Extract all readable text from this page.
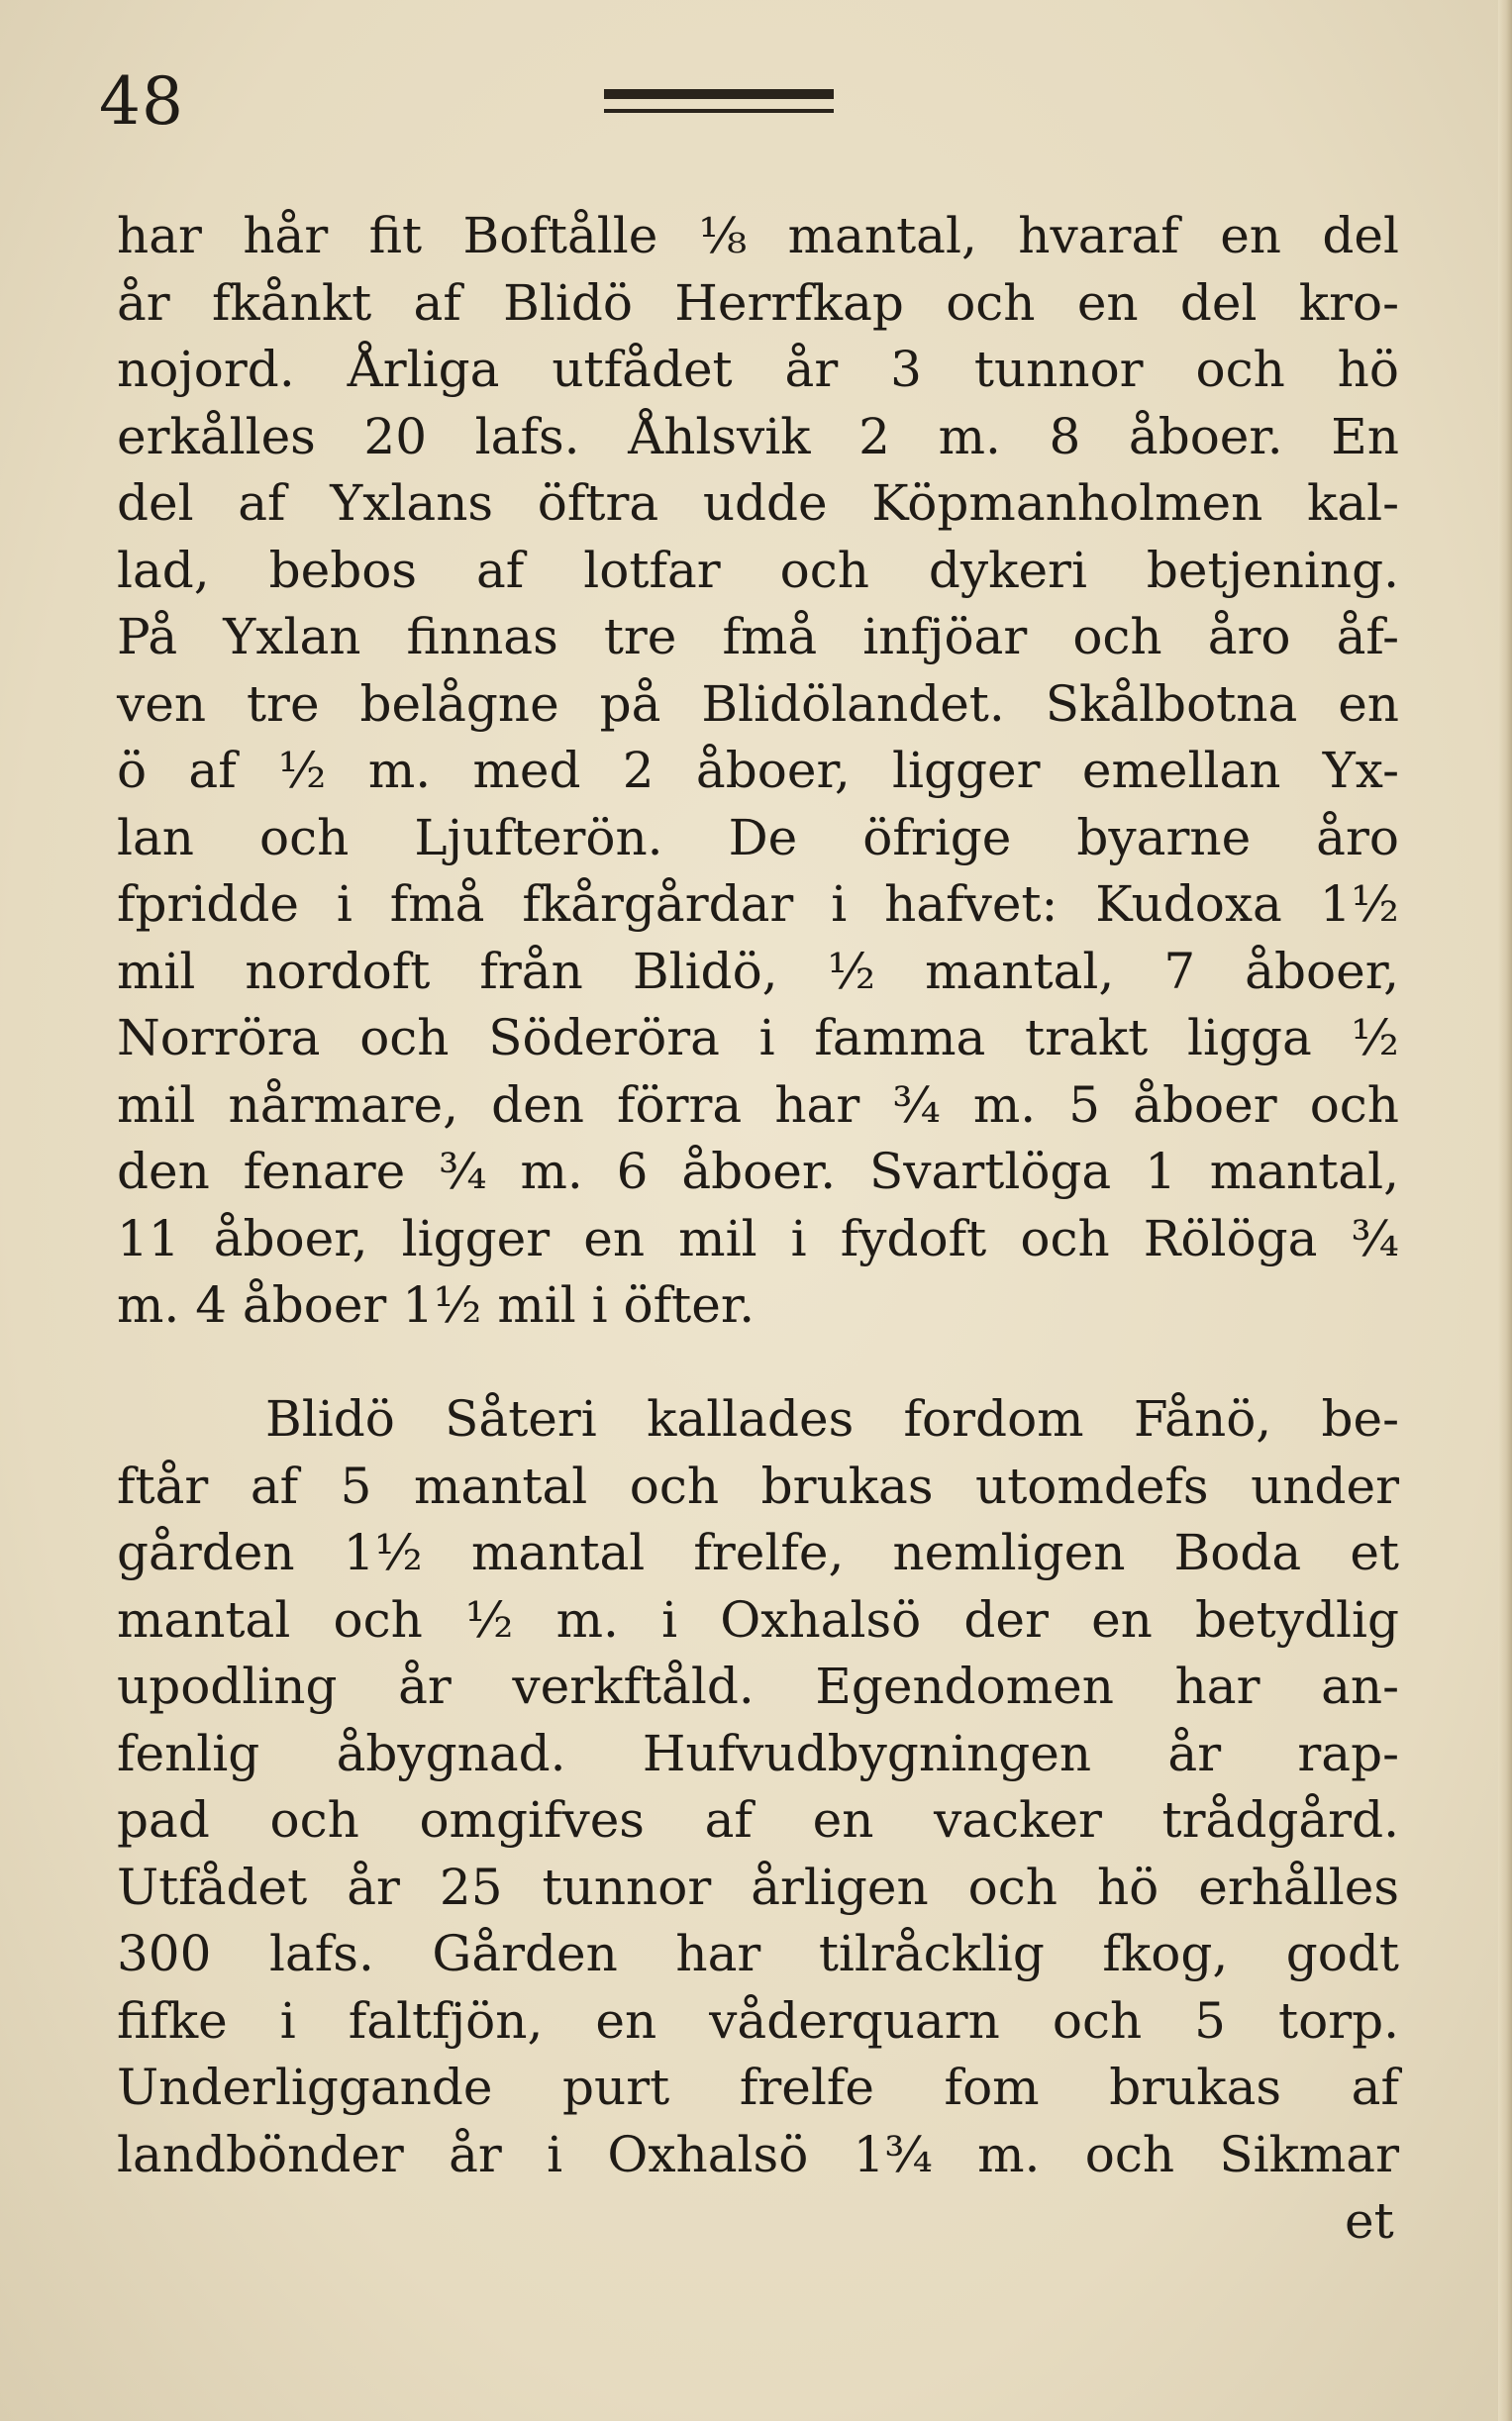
48
har hår fit Boftålle ⅛ mantal, hvaraf en del
år fkånkt af Blidö Herrfkap och en del kro-
nojord. Årliga utfådet år 3 tunnor och hö
erkålles 20 lafs. Åhlsvik 2 m. 8 åboer. En
del af Yxlans öftra udde Köpmanholmen kal-
lad, bebos af lotfar och dykeri betjening.
På Yxlan finnas tre fmå infjöar och åro åf-
ven tre belågne på Blidölandet. Skålbotna en
ö af ½ m. med 2 åboer, ligger emellan Yx-
lan och Ljufterön. De öfrige byarne åro
fpridde i fmå fkårgårdar i hafvet: Kudoxa 1½
mil nordoft från Blidö, ½ mantal, 7 åboer,
Norröra och Söderöra i famma trakt ligga ½
mil nårmare, den förra har ¾ m. 5 åboer och
den fenare ¾ m. 6 åboer. Svartlöga 1 mantal,
11 åboer, ligger en mil i fydoft och Rölöga ¾
m. 4 åboer 1½ mil i öfter.
Blidö Såteri kallades fordom Fånö, be-
ftår af 5 mantal och brukas utomdefs under
gården 1½ mantal frelfe, nemligen Boda et
mantal och ½ m. i Oxhalsö der en betydlig
upodling år verkftåld. Egendomen har an-
fenlig åbygnad. Hufvudbygningen år rap-
pad och omgifves af en vacker trådgård.
Utfådet år 25 tunnor årligen och hö erhålles
300 lafs. Gården har tilråcklig fkog, godt
fifke i faltfjön, en våderquarn och 5 torp.
Underliggande purt frelfe fom brukas af
landbönder år i Oxhalsö 1¾ m. och Sikmar
et
